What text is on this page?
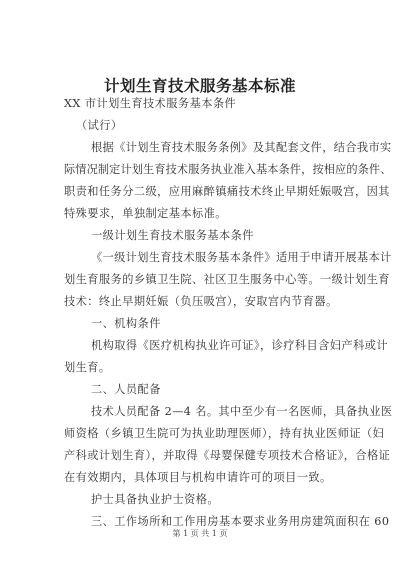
计划生育技术服务基本标准
XX 市计划生育技术服务基本条件
（试行）
根据《计划生育技术服务条例》及其配套文件，结合我市实
际情况制定计划生育技术服务执业准入基本条件，按相应的条件、
职责和任务分二级，应用麻醉镇痛技术终止早期妊娠吸宫，因其
特殊要求，单独制定基本标准。
一级计划生育技术服务基本条件
《一级计划生育技术服务基本条件》适用于申请开展基本计
划生育服务的乡镇卫生院、社区卫生服务中心等。一级计划生育
技术：终止早期妊娠（负压吸宫），安取宫内节育器。
一、机构条件
机构取得《医疗机构执业许可证》，诊疗科目含妇产科或计
划生育。
二、人员配备
技术人员配备 2—4 名。其中至少有一名医师，具备执业医
师资格（乡镇卫生院可为执业助理医师），持有执业医师证（妇
产科或计划生育），并取得《母婴保健专项技术合格证》，合格证
在有效期内，具体项目与机构申请许可的项目一致。
护士具备执业护士资格。
三、工作场所和工作用房基本要求业务用房建筑面积在 60
第 1 页 共 1 页
